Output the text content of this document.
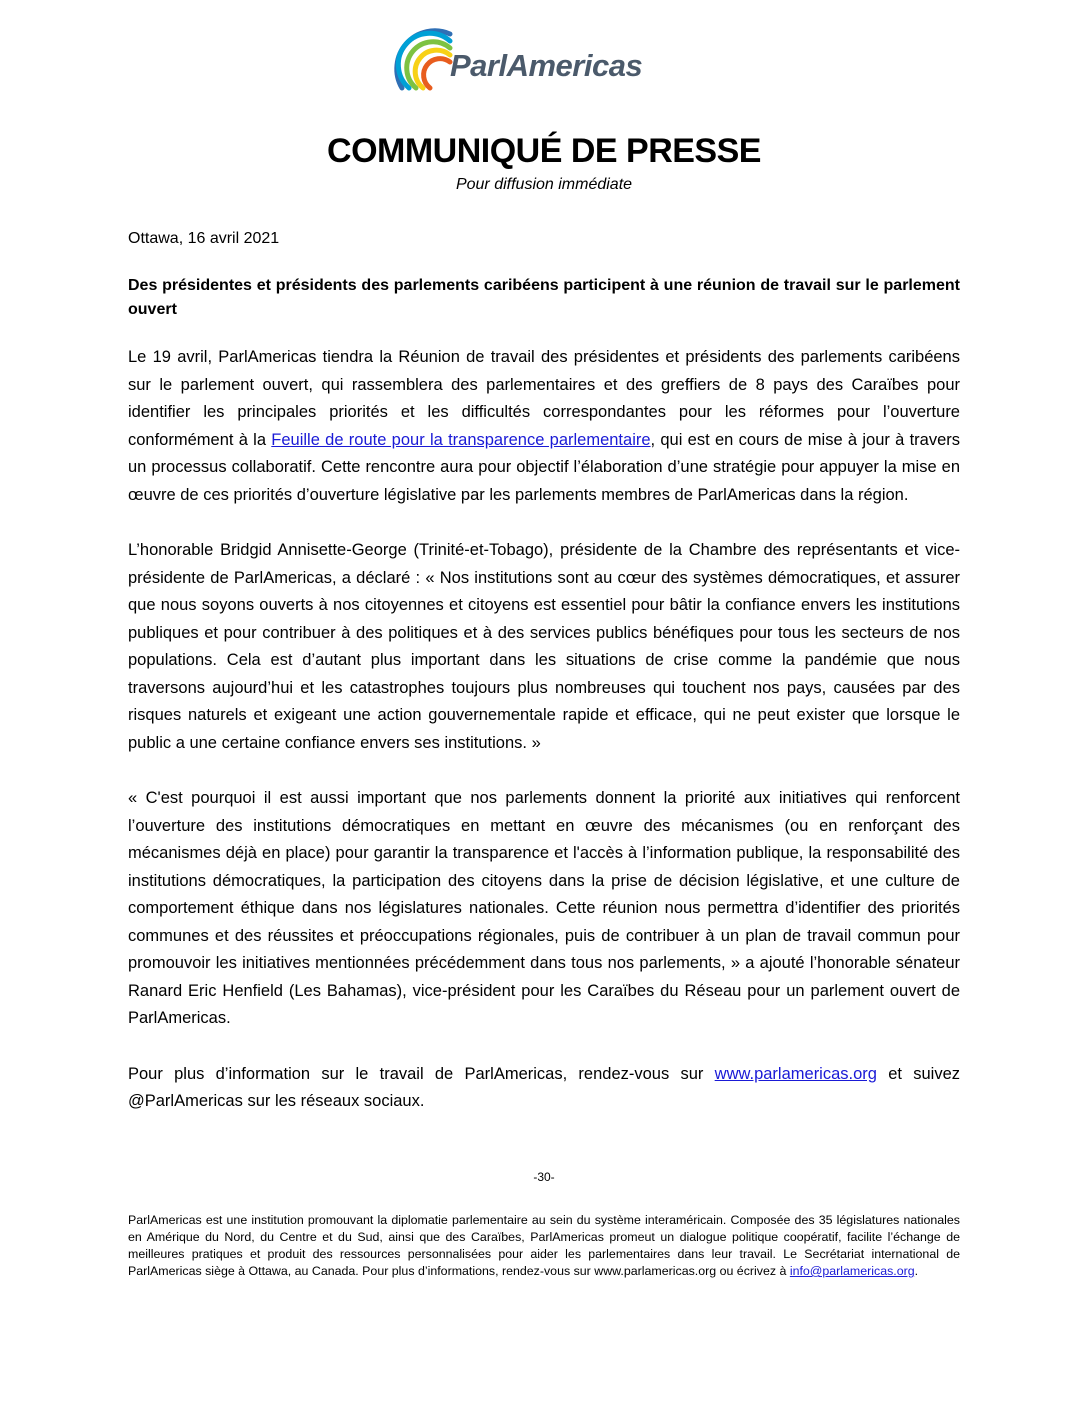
ParlAmericas
COMMUNIQUÉ DE PRESSE

Pour diffusion immédiate

Ottawa, 16 avril 2021

Des présidentes et présidents des parlements caribéens participent à une réunion de travail sur le parlement ouvert

Le 19 avril, ParlAmericas tiendra la Réunion de travail des présidentes et présidents des parlements caribéens sur le parlement ouvert, qui rassemblera des parlementaires et des greffiers de 8 pays des Caraïbes pour identifier les principales priorités et les difficultés correspondantes pour les réformes pour l’ouverture conformément à la Feuille de route pour la transparence parlementaire, qui est en cours de mise à jour à travers un processus collaboratif. Cette rencontre aura pour objectif l’élaboration d’une stratégie pour appuyer la mise en œuvre de ces priorités d’ouverture législative par les parlements membres de ParlAmericas dans la région.

L’honorable Bridgid Annisette-George (Trinité-et-Tobago), présidente de la Chambre des représentants et vice-présidente de ParlAmericas, a déclaré : « Nos institutions sont au cœur des systèmes démocratiques, et assurer que nous soyons ouverts à nos citoyennes et citoyens est essentiel pour bâtir la confiance envers les institutions publiques et pour contribuer à des politiques et à des services publics bénéfiques pour tous les secteurs de nos populations. Cela est d’autant plus important dans les situations de crise comme la pandémie que nous traversons aujourd’hui et les catastrophes toujours plus nombreuses qui touchent nos pays, causées par des risques naturels et exigeant une action gouvernementale rapide et efficace, qui ne peut exister que lorsque le public a une certaine confiance envers ses institutions. »

« C'est pourquoi il est aussi important que nos parlements donnent la priorité aux initiatives qui renforcent l’ouverture des institutions démocratiques en mettant en œuvre des mécanismes (ou en renforçant des mécanismes déjà en place) pour garantir la transparence et l'accès à l’information publique, la responsabilité des institutions démocratiques, la participation des citoyens dans la prise de décision législative, et une culture de comportement éthique dans nos législatures nationales. Cette réunion nous permettra d’identifier des priorités communes et des réussites et préoccupations régionales, puis de contribuer à un plan de travail commun pour promouvoir les initiatives mentionnées précédemment dans tous nos parlements, » a ajouté l’honorable sénateur Ranard Eric Henfield (Les Bahamas), vice-président pour les Caraïbes du Réseau pour un parlement ouvert de ParlAmericas.

Pour plus d’information sur le travail de ParlAmericas, rendez-vous sur www.parlamericas.org et suivez @ParlAmericas sur les réseaux sociaux.

-30-

ParlAmericas est une institution promouvant la diplomatie parlementaire au sein du système interaméricain. Composée des 35 législatures nationales en Amérique du Nord, du Centre et du Sud, ainsi que des Caraïbes, ParlAmericas promeut un dialogue politique coopératif, facilite l’échange de meilleures pratiques et produit des ressources personnalisées pour aider les parlementaires dans leur travail. Le Secrétariat international de ParlAmericas siège à Ottawa, au Canada. Pour plus d’informations, rendez-vous sur www.parlamericas.org ou écrivez à info@parlamericas.org.
